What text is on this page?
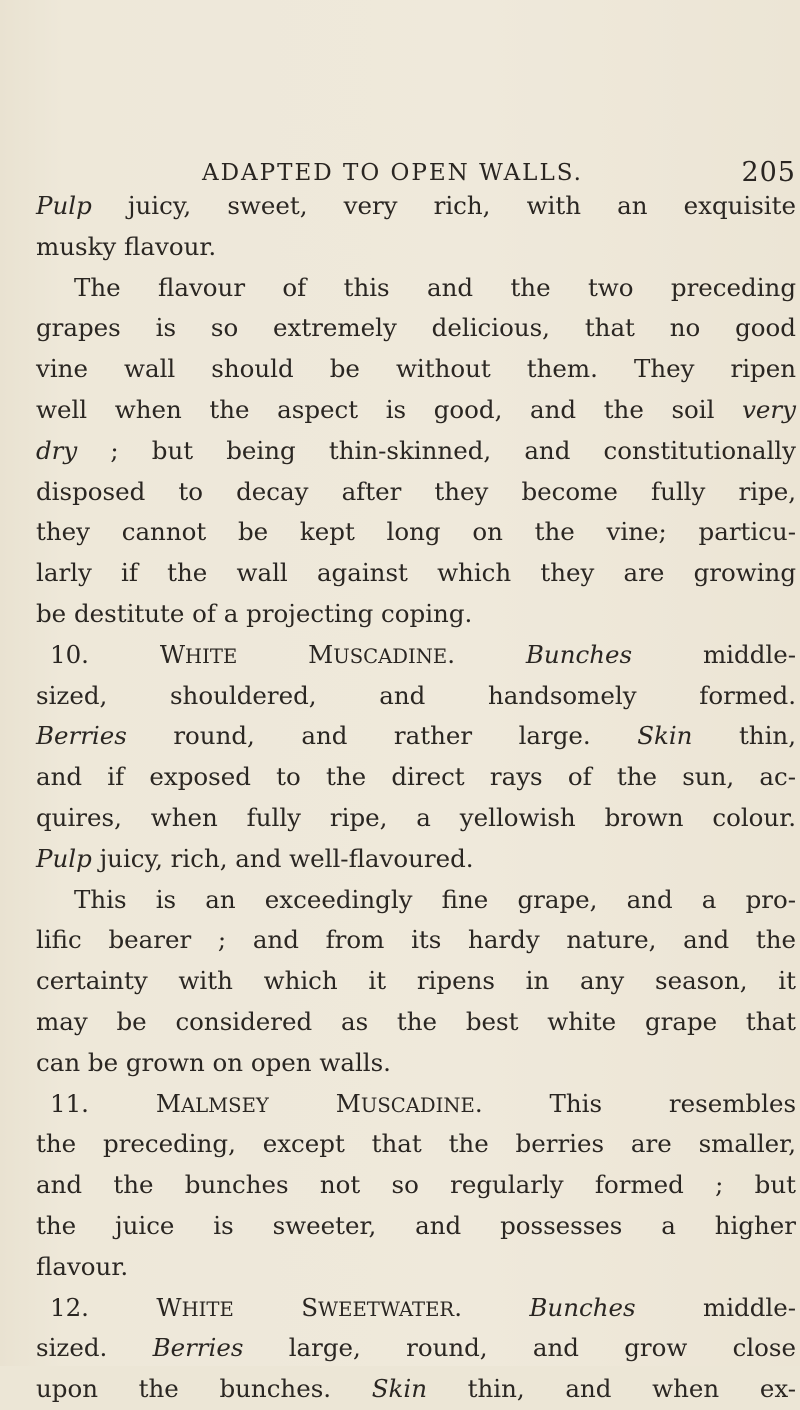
ADAPTED TO OPEN WALLS.	205
Pulp juicy, sweet, very rich, with an exquisite
musky flavour.
The flavour of this and the two preceding
grapes is so extremely delicious, that no good
vine wall should be without them. They ripen
well when the aspect is good, and the soil very
dry ; but being thin-skinned, and constitutionally
disposed to decay after they become fully ripe,
they cannot be kept long on the vine; particu-
larly if the wall against which they are growing
be destitute of a projecting coping.
10. WHITE MUSCADINE. Bunches middle-
sized, shouldered, and handsomely formed.
Berries round, and rather large. Skin thin,
and if exposed to the direct rays of the sun, ac-
quires, when fully ripe, a yellowish brown colour.
Pulp juicy, rich, and well-flavoured.
This is an exceedingly fine grape, and a pro-
lific bearer ; and from its hardy nature, and the
certainty with which it ripens in any season, it
may be considered as the best white grape that
can be grown on open walls.
11. MALMSEY MUSCADINE. This resembles
the preceding, except that the berries are smaller,
and the bunches not so regularly formed ; but
the juice is sweeter, and possesses a higher
flavour.
12. WHITE SWEETWATER. Bunches middle-
sized. Berries large, round, and grow close
upon the bunches. Skin thin, and when ex-
